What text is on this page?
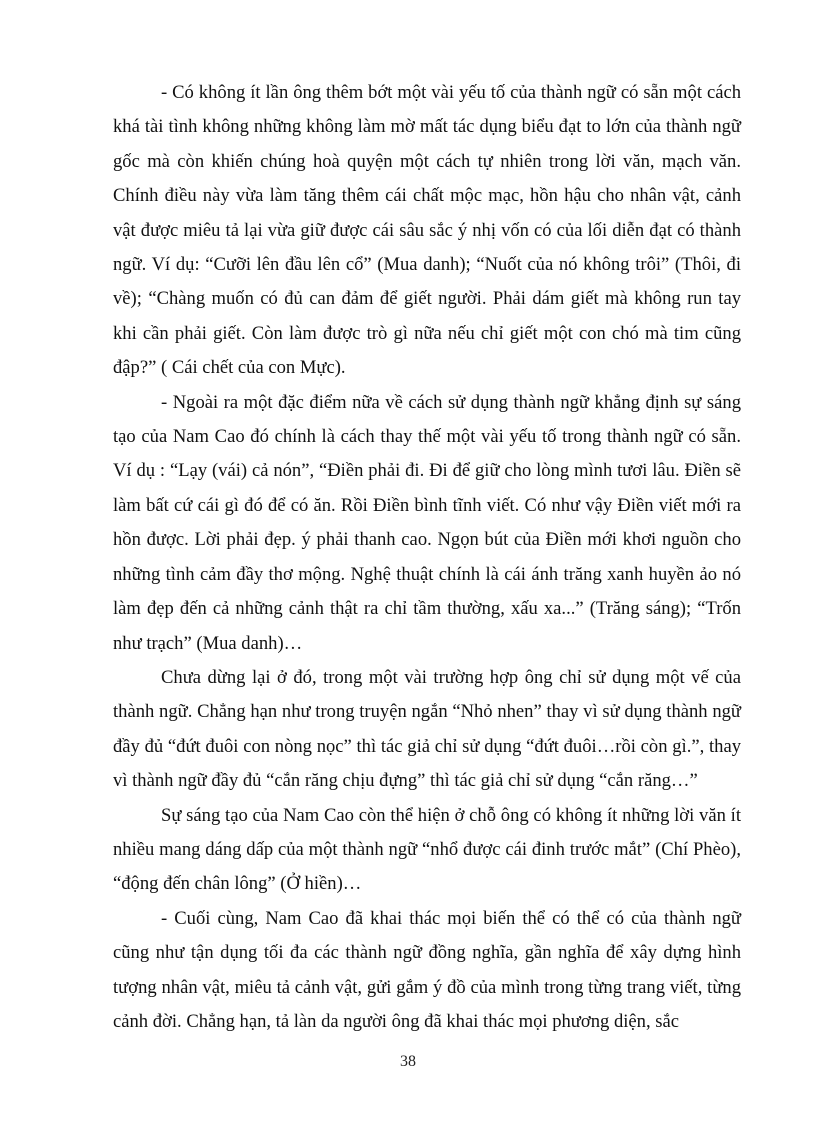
- Có không ít lần ông thêm bớt một vài yếu tố của thành ngữ có sẵn một cách khá tài tình không những không làm mờ mất tác dụng biểu đạt to lớn của thành ngữ gốc mà còn khiến chúng hoà quyện một cách tự nhiên trong lời văn, mạch văn. Chính điều này vừa làm tăng thêm cái chất mộc mạc, hồn hậu cho nhân vật, cảnh vật được miêu tả lại vừa giữ được cái sâu sắc ý nhị vốn có của lối diễn đạt có thành ngữ. Ví dụ: “Cưỡi lên đầu lên cổ” (Mua danh); “Nuốt của nó không trôi” (Thôi, đi về); “Chàng muốn có đủ can đảm để giết người. Phải dám giết mà không run tay khi cần phải giết. Còn làm được trò gì nữa nếu chỉ giết một con chó mà tim cũng đập?” ( Cái chết của con Mực).

- Ngoài ra một đặc điểm nữa về cách sử dụng thành ngữ khẳng định sự sáng tạo của Nam Cao đó chính là cách thay thế một vài yếu tố trong thành ngữ có sẵn. Ví dụ : “Lạy (vái) cả nón”, “Điền phải đi. Đi để giữ cho lòng mình tươi lâu. Điền sẽ làm bất cứ cái gì đó để có ăn. Rồi Điền bình tĩnh viết. Có như vậy Điền viết mới ra hồn được. Lời phải đẹp. ý phải thanh cao. Ngọn bút của Điền mới khơi nguồn cho những tình cảm đầy thơ mộng. Nghệ thuật chính là cái ánh trăng xanh huyền ảo nó làm đẹp đến cả những cảnh thật ra chỉ tầm thường, xấu xa...” (Trăng sáng); “Trốn như trạch” (Mua danh)…

Chưa dừng lại ở đó, trong một vài trường hợp ông chỉ sử dụng một vế của thành ngữ. Chẳng hạn như trong truyện ngắn “Nhỏ nhen” thay vì sử dụng thành ngữ đầy đủ “đứt đuôi con nòng nọc” thì tác giả chỉ sử dụng “đứt đuôi…rồi còn gì.”, thay vì thành ngữ đầy đủ “cắn răng chịu đựng” thì tác giả chỉ sử dụng “cắn răng…”

Sự sáng tạo của Nam Cao còn thể hiện ở chỗ ông có không ít những lời văn ít nhiều mang dáng dấp của một thành ngữ “nhổ được cái đinh trước mắt” (Chí Phèo), “động đến chân lông” (Ở hiền)…

- Cuối cùng, Nam Cao đã khai thác mọi biến thể có thể có của thành ngữ cũng như tận dụng tối đa các thành ngữ đồng nghĩa, gần nghĩa để xây dựng hình tượng nhân vật, miêu tả cảnh vật, gửi gắm ý đồ của mình trong từng trang viết, từng cảnh đời. Chẳng hạn, tả làn da người ông đã khai thác mọi phương diện, sắc

38
